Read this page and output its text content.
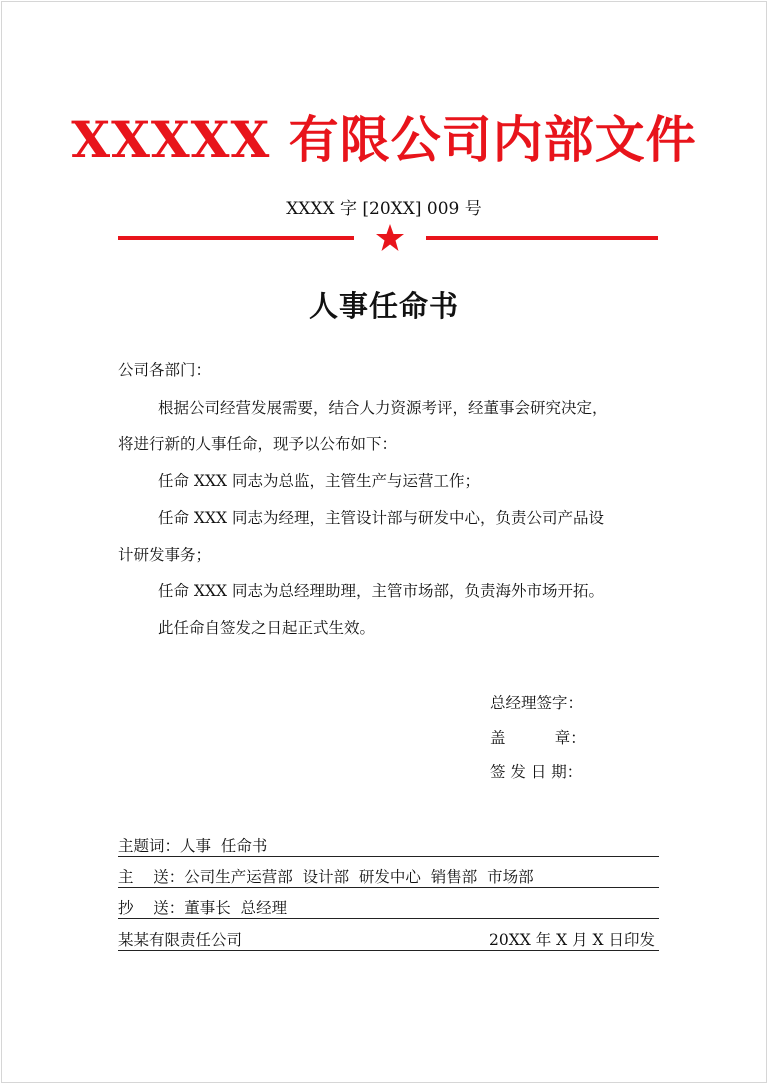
XXXXX 有限公司内部文件
XXXX 字 [20XX] 009 号
人事任命书
公司各部门：
根据公司经营发展需要，结合人力资源考评，经董事会研究决定，
将进行新的人事任命，现予以公布如下：
任命 XXX 同志为总监，主管生产与运营工作；
任命 XXX 同志为经理，主管设计部与研发中心，负责公司产品设
计研发事务；
任命 XXX 同志为总经理助理，主管市场部，负责海外市场开拓。
此任命自签发之日起正式生效。
总经理签字：
盖          章：
签 发 日 期：

主题词：人事  任命书

主    送：公司生产运营部  设计部  研发中心  销售部  市场部

抄    送：董事长  总经理

某某有限责任公司	20XX 年 X 月 X 日印发
